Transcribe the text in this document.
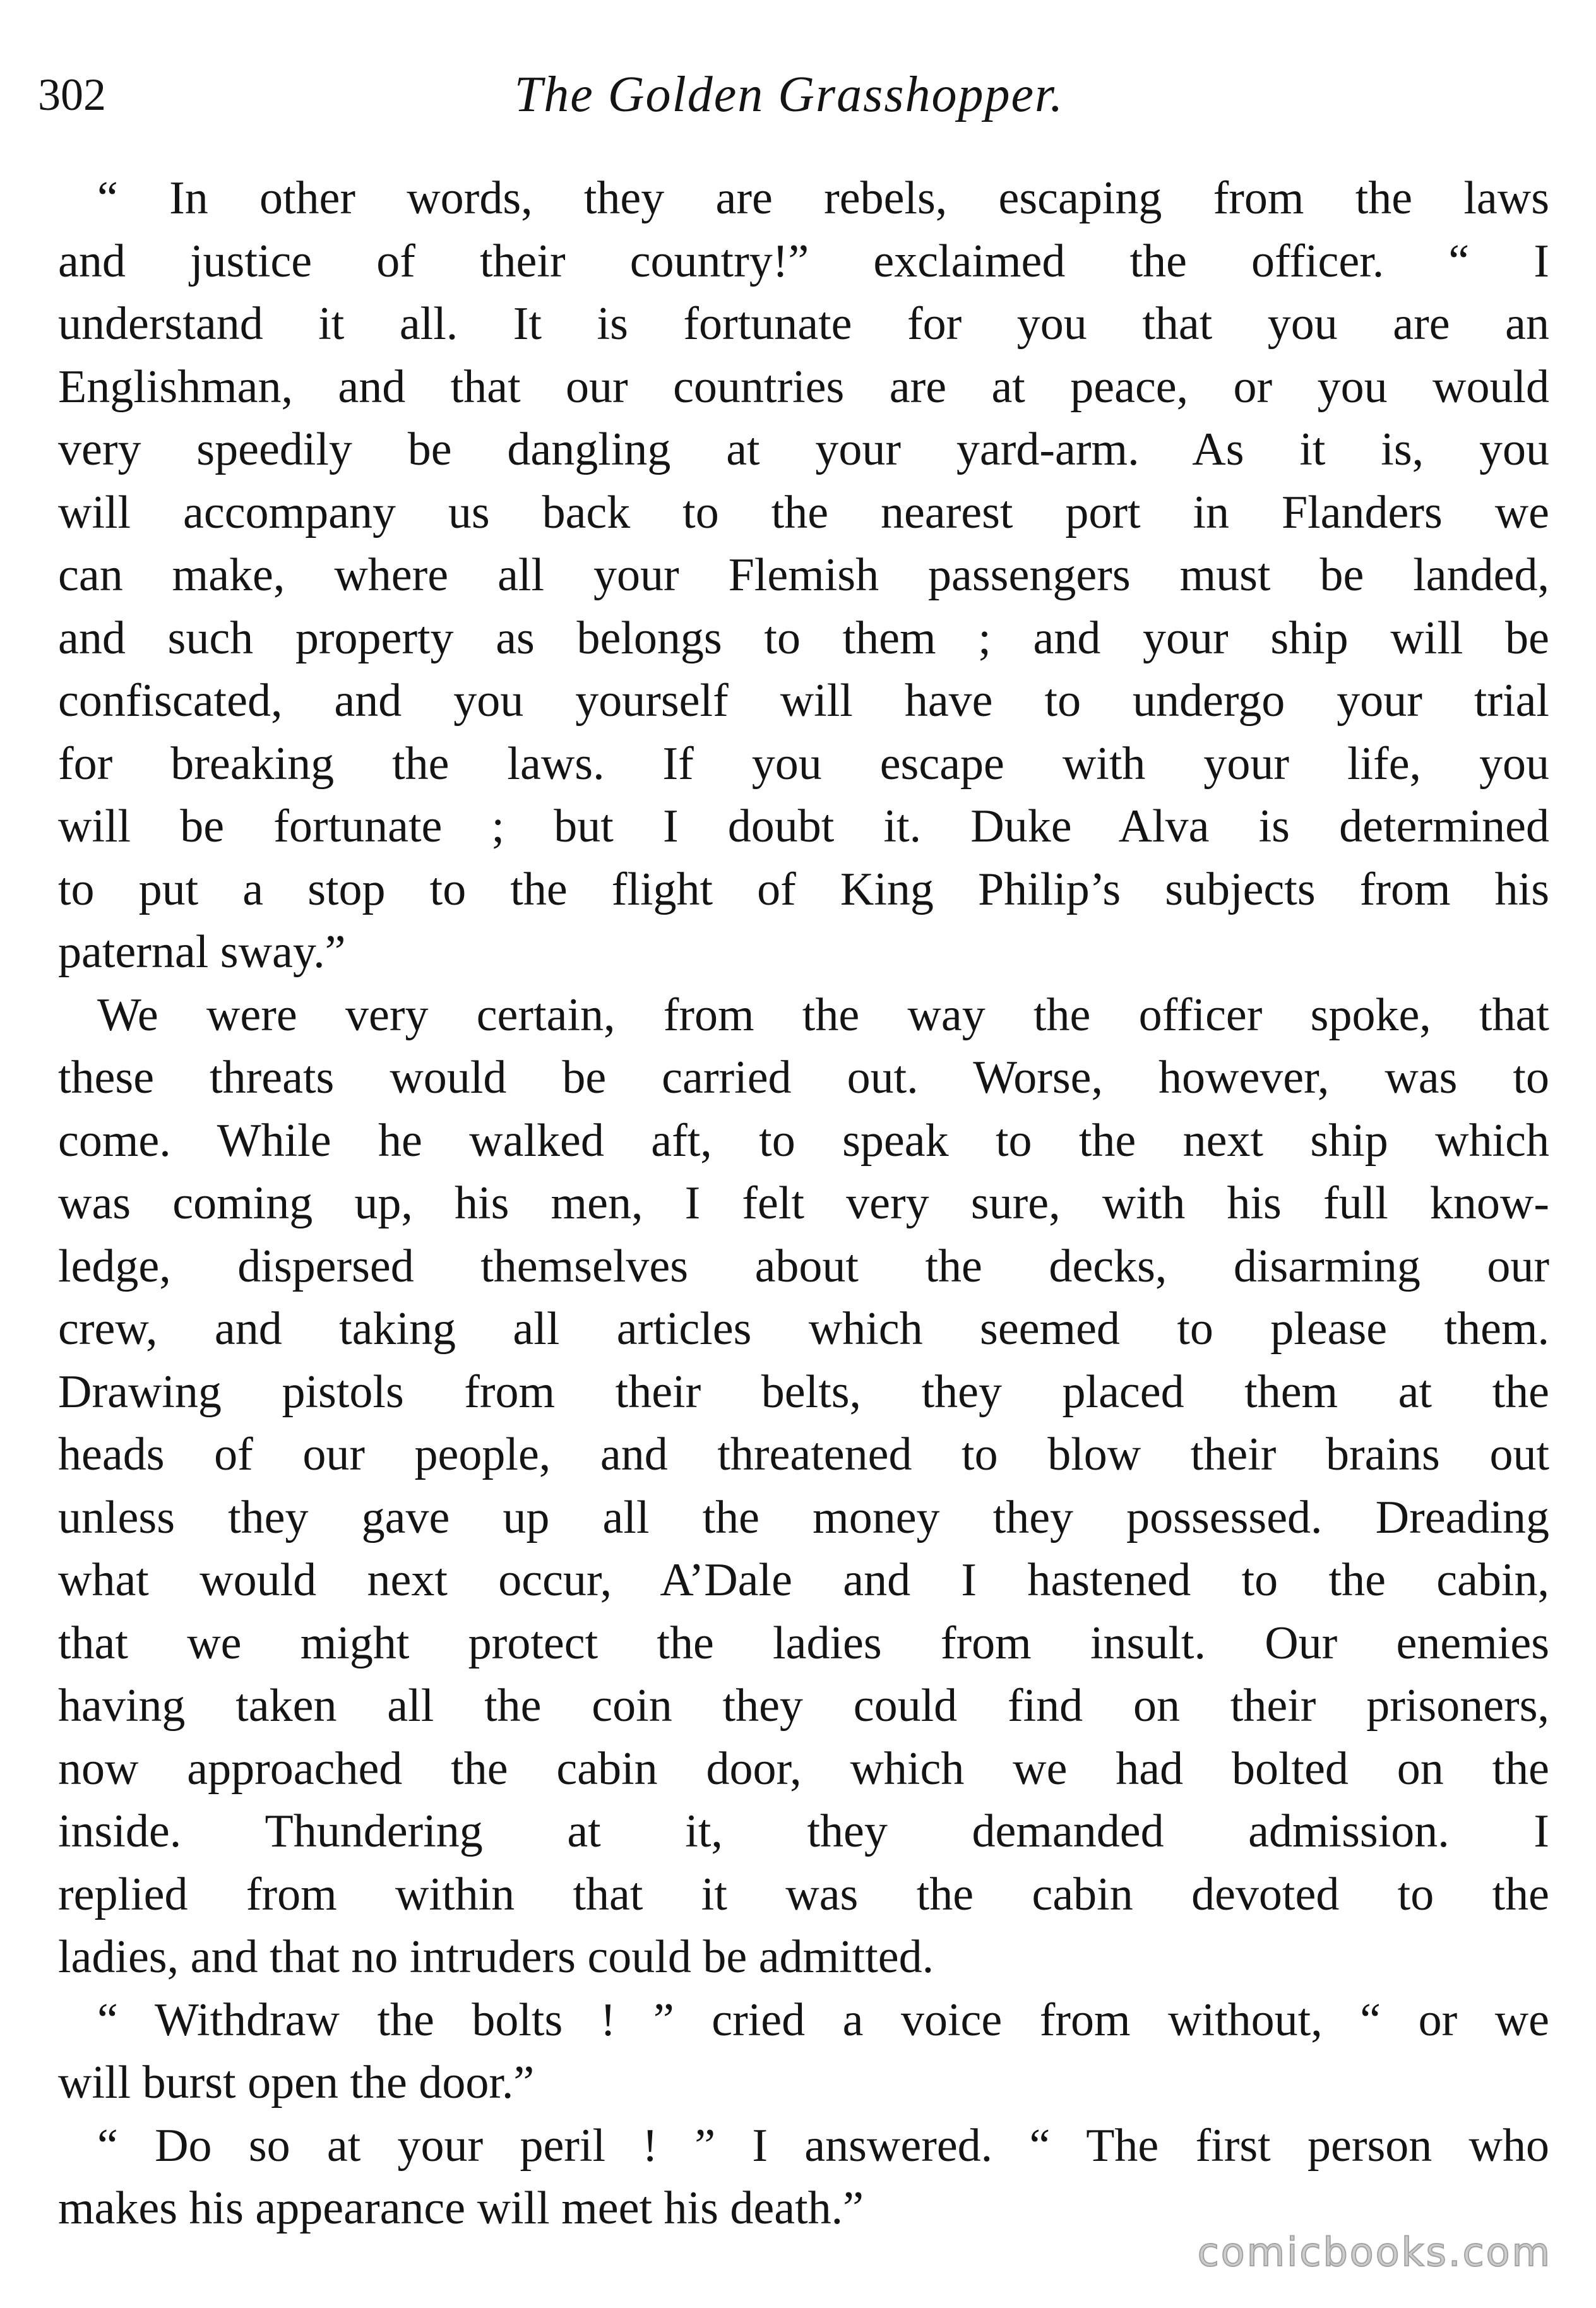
302	The Golden Grasshopper.
“ In other words, they are rebels, escaping from the laws
and justice of their country!” exclaimed the officer. “ I
understand it all. It is fortunate for you that you are an
Englishman, and that our countries are at peace, or you would
very speedily be dangling at your yard-arm. As it is, you
will accompany us back to the nearest port in Flanders we
can make, where all your Flemish passengers must be landed,
and such property as belongs to them ; and your ship will be
confiscated, and you yourself will have to undergo your trial
for breaking the laws. If you escape with your life, you
will be fortunate ; but I doubt it. Duke Alva is determined
to put a stop to the flight of King Philip’s subjects from his
paternal sway.”
We were very certain, from the way the officer spoke, that
these threats would be carried out. Worse, however, was to
come. While he walked aft, to speak to the next ship which
was coming up, his men, I felt very sure, with his full know-
ledge, dispersed themselves about the decks, disarming our
crew, and taking all articles which seemed to please them.
Drawing pistols from their belts, they placed them at the
heads of our people, and threatened to blow their brains out
unless they gave up all the money they possessed. Dreading
what would next occur, A’Dale and I hastened to the cabin,
that we might protect the ladies from insult. Our enemies
having taken all the coin they could find on their prisoners,
now approached the cabin door, which we had bolted on the
inside. Thundering at it, they demanded admission. I
replied from within that it was the cabin devoted to the
ladies, and that no intruders could be admitted.
“ Withdraw the bolts ! ” cried a voice from without, “ or we
will burst open the door.”
“ Do so at your peril ! ” I answered. “ The first person who
makes his appearance will meet his death.”
comicbooks.com
